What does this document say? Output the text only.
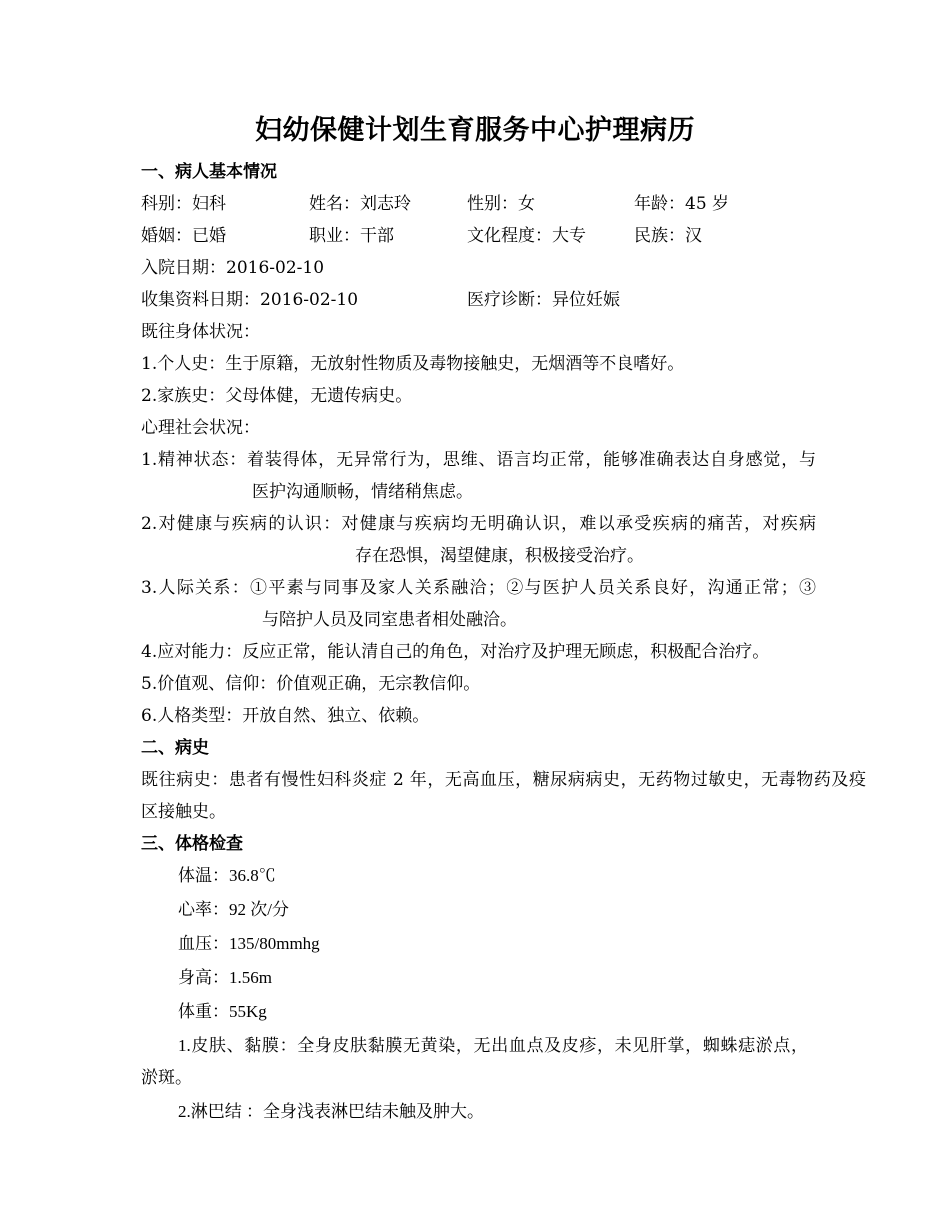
妇幼保健计划生育服务中心护理病历
一、病人基本情况
科别：妇科	姓名：刘志玲	性别：女	年龄：45 岁
婚姻：已婚	职业：干部	文化程度：大专	民族：汉
入院日期：2016-02-10
收集资料日期：2016-02-10	医疗诊断：异位妊娠
既往身体状况：
1.个人史：生于原籍，无放射性物质及毒物接触史，无烟酒等不良嗜好。
2.家族史：父母体健，无遗传病史。
心理社会状况：
1.精神状态：着装得体，无异常行为，思维、语言均正常，能够准确表达自身感觉，与
医护沟通顺畅，情绪稍焦虑。
2.对健康与疾病的认识：对健康与疾病均无明确认识，难以承受疾病的痛苦，对疾病
存在恐惧，渴望健康，积极接受治疗。
3.人际关系：①平素与同事及家人关系融洽；②与医护人员关系良好，沟通正常；③
与陪护人员及同室患者相处融洽。
4.应对能力：反应正常，能认清自己的角色，对治疗及护理无顾虑，积极配合治疗。
5.价值观、信仰：价值观正确，无宗教信仰。
6.人格类型：开放自然、独立、依赖。
二、病史
既往病史：患者有慢性妇科炎症 2 年，无高血压，糖尿病病史，无药物过敏史，无毒物药及疫
区接触史。
三、体格检查
体温：36.8℃
心率：92 次/分
血压：135/80mmhg
身高：1.56m
体重：55Kg
1.皮肤、黏膜：全身皮肤黏膜无黄染，无出血点及皮疹，未见肝掌，蜘蛛痣淤点，
淤斑。
2.淋巴结 ：全身浅表淋巴结未触及肿大。
